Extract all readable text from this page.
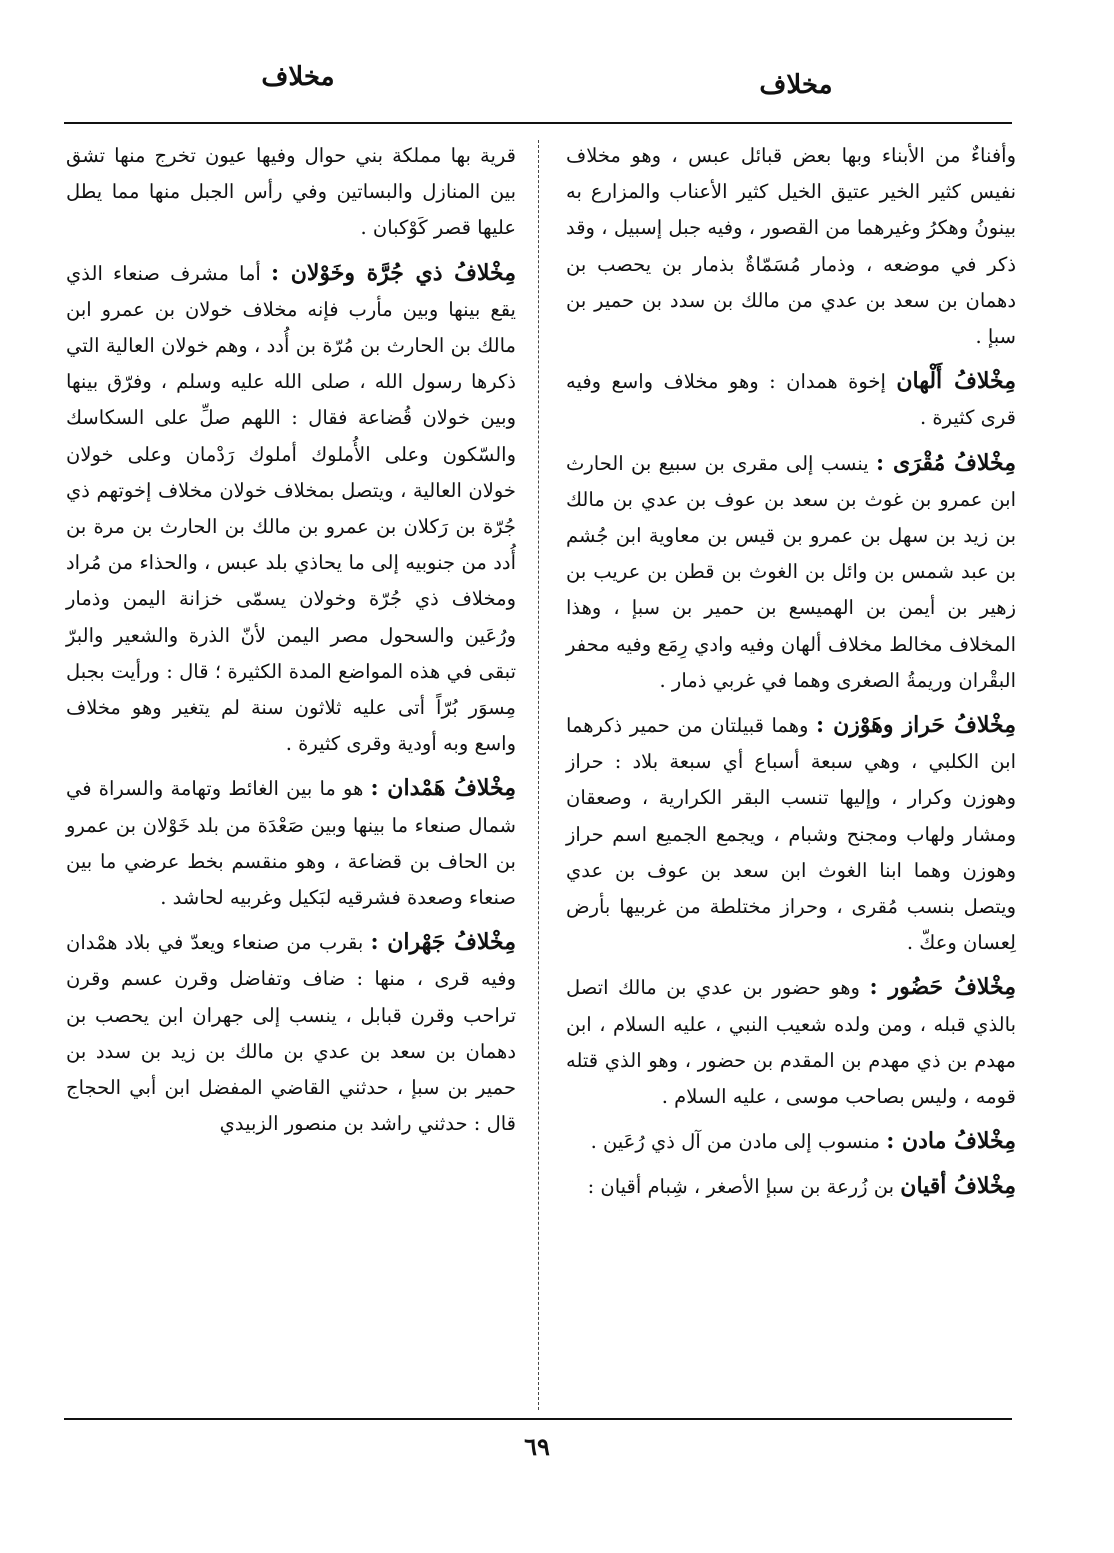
مخلاف
مخلاف

وأفناءٌ من الأبناء وبها بعض قبائل عبس ، وهو مخلاف نفيس كثير الخير عتيق الخيل كثير الأعناب والمزارع به بينونُ وهكرُ وغيرهما من القصور ، وفيه جبل إسبيل ، وقد ذكر في موضعه ، وذمار مُسَمّاةٌ بذمار بن يحصب بن دهمان بن سعد بن عدي من مالك بن سدد بن حمير بن سبإ .

مِخْلافُ أَلْهان إخوة همدان : وهو مخلاف واسع وفيه قرى كثيرة .

مِخْلافُ مُقْرَى : ينسب إلى مقرى بن سبيع بن الحارث ابن عمرو بن غوث بن سعد بن عوف بن عدي بن مالك بن زيد بن سهل بن عمرو بن قيس بن معاوية ابن جُشم بن عبد شمس بن وائل بن الغوث بن قطن بن عريب بن زهير بن أيمن بن الهميسع بن حمير بن سبإ ، وهذا المخلاف مخالط مخلاف ألهان وفيه وادي رِمَع وفيه محفر البقْران وريمةُ الصغرى وهما في غربي ذمار .

مِخْلافُ حَراز وهَوْزن : وهما قبيلتان من حمير ذكرهما ابن الكلبي ، وهي سبعة أسباع أي سبعة بلاد : حراز وهوزن وكرار ، وإليها تنسب البقر الكرارية ، وصعقان ومشار ولهاب ومجنح وشبام ، ويجمع الجميع اسم حراز وهوزن وهما ابنا الغوث ابن سعد بن عوف بن عدي ويتصل بنسب مُقرى ، وحراز مختلطة من غربيها بأرض لِعسان وعكّ .

مِخْلافُ حَضُور : وهو حضور بن عدي بن مالك اتصل بالذي قبله ، ومن ولده شعيب النبي ، عليه السلام ، ابن مهدم بن ذي مهدم بن المقدم بن حضور ، وهو الذي قتله قومه ، وليس بصاحب موسى ، عليه السلام .

مِخْلافُ مادن : منسوب إلى مادن من آل ذي رُعَين .

مِخْلافُ أقيان بن زُرعة بن سبإ الأصغر ، شِبام أقيان :

قرية بها مملكة بني حوال وفيها عيون تخرج منها تشق بين المنازل والبساتين وفي رأس الجبل منها مما يطل عليها قصر كَوْكبان .

مِخْلافُ ذي جُرَّة وخَوْلان : أما مشرف صنعاء الذي يقع بينها وبين مأرب فإنه مخلاف خولان بن عمرو ابن مالك بن الحارث بن مُرّة بن أُدد ، وهم خولان العالية التي ذكرها رسول الله ، صلى الله عليه وسلم ، وفرّق بينها وبين خولان قُضاعة فقال : اللهم صلِّ على السكاسك والسّكون وعلى الأُملوك أملوك رَدْمان وعلى خولان خولان العالية ، ويتصل بمخلاف خولان مخلاف إخوتهم ذي جُرّة بن رَكلان بن عمرو بن مالك بن الحارث بن مرة بن أُدد من جنوبيه إلى ما يحاذي بلد عبس ، والحذاء من مُراد ومخلاف ذي جُرّة وخولان يسمّى خزانة اليمن وذمار ورُعَين والسحول مصر اليمن لأنّ الذرة والشعير والبرّ تبقى في هذه المواضع المدة الكثيرة ؛ قال : ورأيت بجبل مِسوَر بُرّاً أتى عليه ثلاثون سنة لم يتغير وهو مخلاف واسع وبه أودية وقرى كثيرة .

مِخْلافُ هَمْدان : هو ما بين الغائط وتهامة والسراة في شمال صنعاء ما بينها وبين صَعْدَة من بلد خَوْلان بن عمرو بن الحاف بن قضاعة ، وهو منقسم بخط عرضي ما بين صنعاء وصعدة فشرقيه لبَكيل وغربيه لحاشد .

مِخْلافُ جَهْران : بقرب من صنعاء ويعدّ في بلاد همْدان وفيه قرى ، منها : ضاف وتفاضل وقرن عسم وقرن تراحب وقرن قبابل ، ينسب إلى جهران ابن يحصب بن دهمان بن سعد بن عدي بن مالك بن زيد بن سدد بن حمير بن سبإ ، حدثني القاضي المفضل ابن أبي الحجاج قال : حدثني راشد بن منصور الزبيدي

٦٩
